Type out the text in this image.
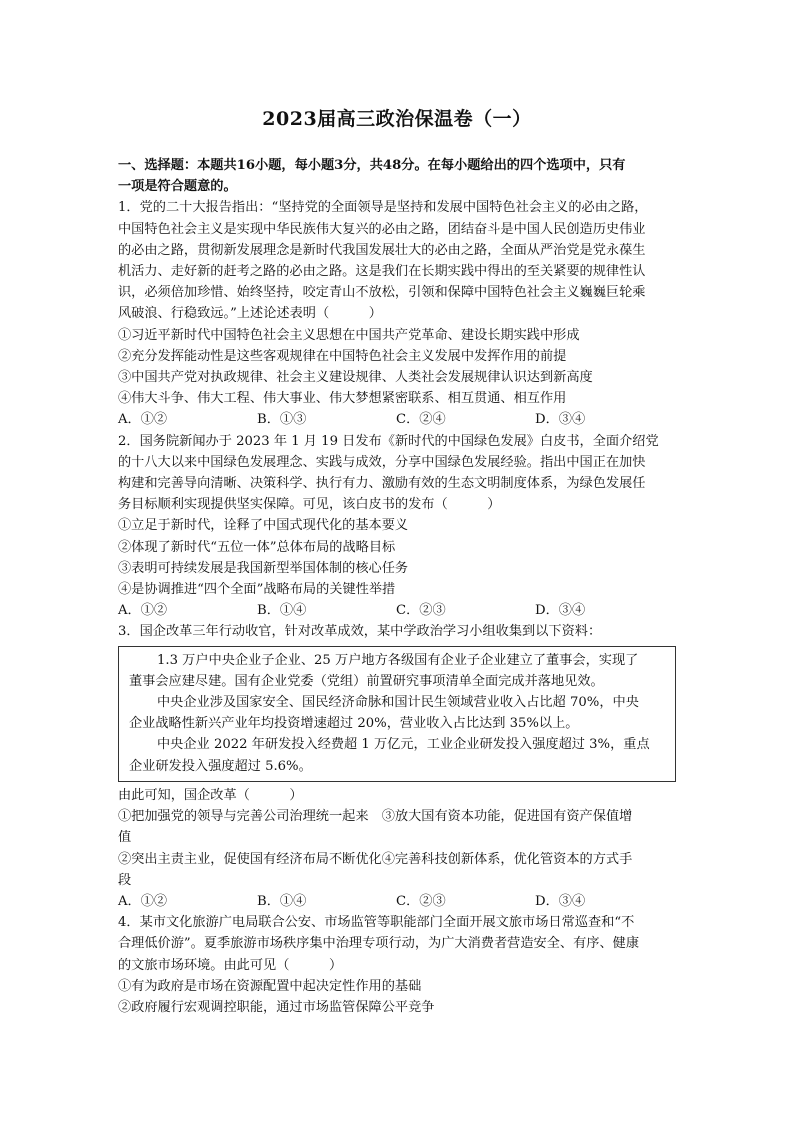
2023届高三政治保温卷（一）
一、选择题：本题共16小题，每小题3分，共48分。在每小题给出的四个选项中，只有
一项是符合题意的。
1．党的二十大报告指出：“坚持党的全面领导是坚持和发展中国特色社会主义的必由之路，
中国特色社会主义是实现中华民族伟大复兴的必由之路，团结奋斗是中国人民创造历史伟业
的必由之路，贯彻新发展理念是新时代我国发展壮大的必由之路，全面从严治党是党永葆生
机活力、走好新的赶考之路的必由之路。这是我们在长期实践中得出的至关紧要的规律性认
识，必须倍加珍惜、始终坚持，咬定青山不放松，引领和保障中国特色社会主义巍巍巨轮乘
风破浪、行稳致远。”上述论述表明（　　　）
①习近平新时代中国特色社会主义思想在中国共产党革命、建设长期实践中形成
②充分发挥能动性是这些客观规律在中国特色社会主义发展中发挥作用的前提
③中国共产党对执政规律、社会主义建设规律、人类社会发展规律认识达到新高度
④伟大斗争、伟大工程、伟大事业、伟大梦想紧密联系、相互贯通、相互作用
A．①②	B．①③	C．②④	D．③④
2．国务院新闻办于 2023 年 1 月 19 日发布《新时代的中国绿色发展》白皮书，全面介绍党
的十八大以来中国绿色发展理念、实践与成效，分享中国绿色发展经验。指出中国正在加快
构建和完善导向清晰、决策科学、执行有力、激励有效的生态文明制度体系，为绿色发展任
务目标顺利实现提供坚实保障。可见，该白皮书的发布（　　　）
①立足于新时代，诠释了中国式现代化的基本要义
②体现了新时代“五位一体”总体布局的战略目标
③表明可持续发展是我国新型举国体制的核心任务
④是协调推进“四个全面”战略布局的关键性举措
A．①②	B．①④	C．②③	D．③④
3．国企改革三年行动收官，针对改革成效，某中学政治学习小组收集到以下资料：
1.3 万户中央企业子企业、25 万户地方各级国有企业子企业建立了董事会，实现了
董事会应建尽建。国有企业党委（党组）前置研究事项清单全面完成并落地见效。
中央企业涉及国家安全、国民经济命脉和国计民生领域营业收入占比超 70%，中央
企业战略性新兴产业年均投资增速超过 20%，营业收入占比达到 35%以上。
中央企业 2022 年研发投入经费超 1 万亿元，工业企业研发投入强度超过 3%，重点
企业研发投入强度超过 5.6%。
由此可知，国企改革（　　　）
①把加强党的领导与完善公司治理统一起来　③放大国有资本功能，促进国有资产保值增
值
②突出主责主业，促使国有经济布局不断优化④完善科技创新体系，优化管资本的方式手
段
A．①②	B．①④	C．②③	D．③④
4．某市文化旅游广电局联合公安、市场监管等职能部门全面开展文旅市场日常巡查和“不
合理低价游”。夏季旅游市场秩序集中治理专项行动，为广大消费者营造安全、有序、健康
的文旅市场环境。由此可见（　　　）
①有为政府是市场在资源配置中起决定性作用的基础
②政府履行宏观调控职能，通过市场监管保障公平竞争
